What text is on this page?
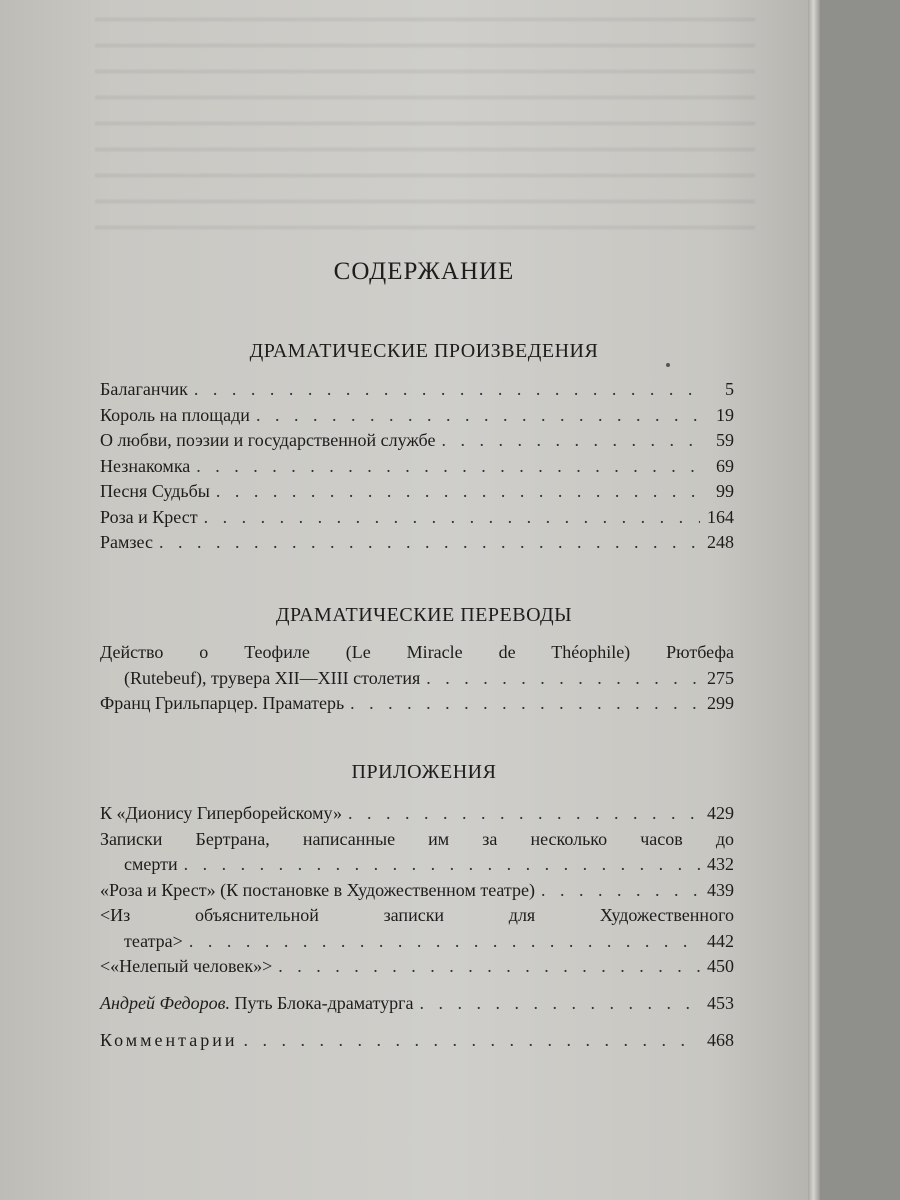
СОДЕРЖАНИЕ
ДРАМАТИЧЕСКИЕ ПРОИЗВЕДЕНИЯ
Балаганчик . . .	5
Король на площади . . .	19
О любви, поэзии и государственной службе . . .	59
Незнакомка . . .	69
Песня Судьбы . . .	99
Роза и Крест . . .	164
Рамзес . . .	248
ДРАМАТИЧЕСКИЕ ПЕРЕВОДЫ
Действо о Теофиле (Le Miracle de Théophile) Рютбефа
(Rutebeuf), трувера XII—XIII столетия . . .	275
Франц Грильпарцер. Праматерь . . .	299
ПРИЛОЖЕНИЯ
К «Дионису Гиперборейскому» . . .	429
Записки Бертрана, написанные им за несколько часов до
смерти . . .	432
«Роза и Крест» (К постановке в Художественном театре) . . .	439
<Из объяснительной записки для Художественного
театра> . . .	442
<«Нелепый человек»> . . .	450
Андрей Федоров. Путь Блока-драматурга . . .	453
Комментарии . . .	468
